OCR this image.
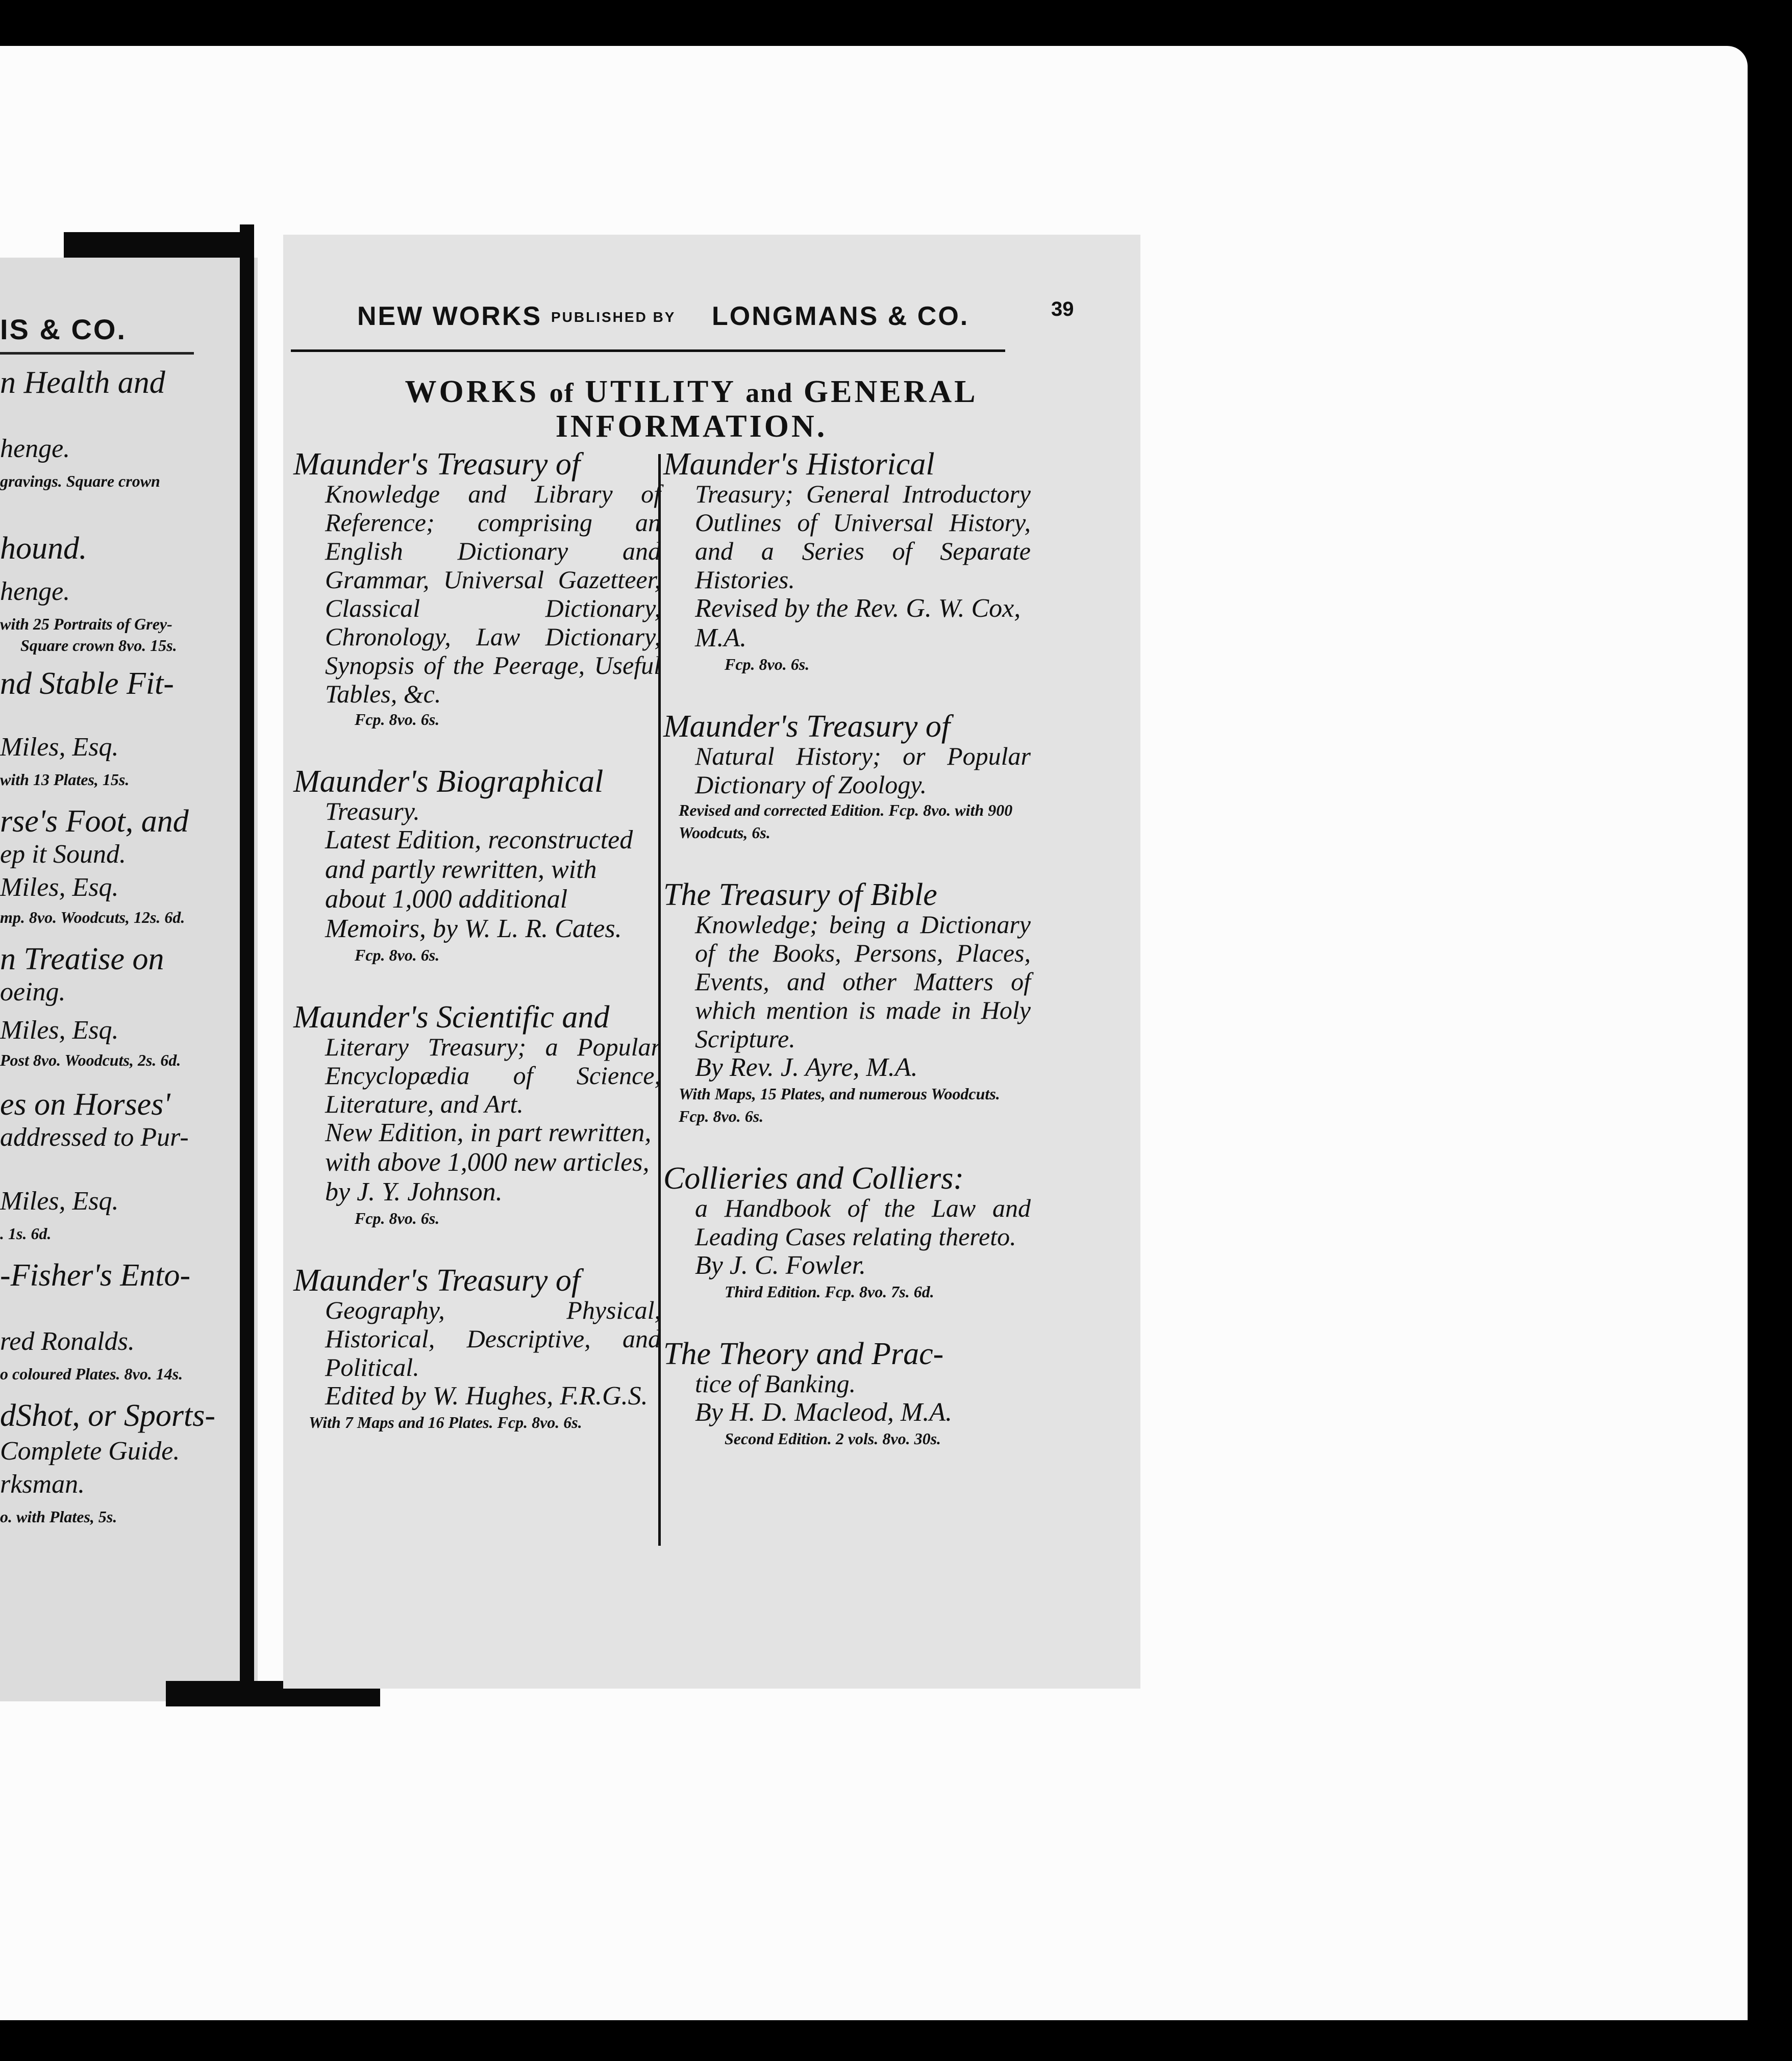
IS & CO.
n Health and
henge.
gravings. Square crown
hound.
henge.
with 25 Portraits of Grey-
Square crown 8vo. 15s.
nd Stable Fit-
Miles, Esq.
with 13 Plates, 15s.
rse's Foot, and
ep it Sound.
Miles, Esq.
mp. 8vo. Woodcuts, 12s. 6d.
n Treatise on
oeing.
Miles, Esq.
Post 8vo. Woodcuts, 2s. 6d.
es on Horses'
addressed to Pur-
Miles, Esq.
. 1s. 6d.
-Fisher's Ento-
red Ronalds.
o coloured Plates. 8vo. 14s.
dShot, or Sports-
Complete Guide.
rksman.
o. with Plates, 5s.
NEW WORKS PUBLISHED BY LONGMANS & CO.	39
WORKS of UTILITY and GENERAL
INFORMATION.
Maunder's Treasury of
Knowledge and Library of Reference; comprising an English Dictionary and Grammar, Universal Gazetteer, Classical Dictionary, Chronology, Law Dictionary, Synopsis of the Peerage, Useful Tables, &c.
Fcp. 8vo. 6s.
Maunder's Biographical
Treasury.
Latest Edition, reconstructed and partly rewritten, with about 1,000 additional Memoirs, by W. L. R. Cates.
Fcp. 8vo. 6s.
Maunder's Scientific and
Literary Treasury; a Popular Encyclopædia of Science, Literature, and Art.
New Edition, in part rewritten, with above 1,000 new articles, by J. Y. Johnson.
Fcp. 8vo. 6s.
Maunder's Treasury of
Geography, Physical, Historical, Descriptive, and Political.
Edited by W. Hughes, F.R.G.S.
With 7 Maps and 16 Plates. Fcp. 8vo. 6s.
Maunder's Historical
Treasury; General Introductory Outlines of Universal History, and a Series of Separate Histories.
Revised by the Rev. G. W. Cox, M.A.
Fcp. 8vo. 6s.
Maunder's Treasury of
Natural History; or Popular Dictionary of Zoology.
Revised and corrected Edition. Fcp. 8vo. with 900 Woodcuts, 6s.
The Treasury of Bible
Knowledge; being a Dictionary of the Books, Persons, Places, Events, and other Matters of which mention is made in Holy Scripture.
By Rev. J. Ayre, M.A.
With Maps, 15 Plates, and numerous Woodcuts. Fcp. 8vo. 6s.
Collieries and Colliers:
a Handbook of the Law and Leading Cases relating thereto.
By J. C. Fowler.
Third Edition. Fcp. 8vo. 7s. 6d.
The Theory and Prac-
tice of Banking.
By H. D. Macleod, M.A.
Second Edition. 2 vols. 8vo. 30s.
